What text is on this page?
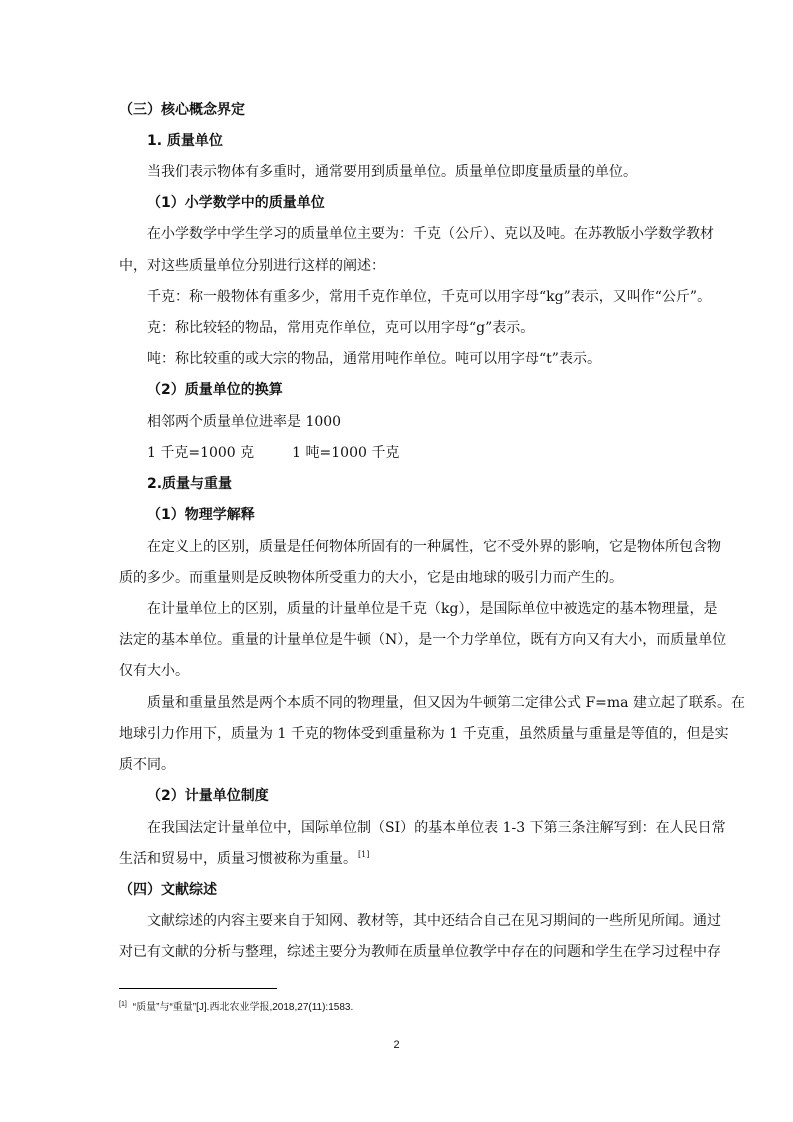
（三）核心概念界定
1. 质量单位
当我们表示物体有多重时，通常要用到质量单位。质量单位即度量质量的单位。
（1）小学数学中的质量单位
在小学数学中学生学习的质量单位主要为：千克（公斤）、克以及吨。在苏教版小学数学教材
中，对这些质量单位分别进行这样的阐述：
千克：称一般物体有重多少，常用千克作单位，千克可以用字母“kg”表示，又叫作“公斤”。
克：称比较轻的物品，常用克作单位，克可以用字母“g”表示。
吨：称比较重的或大宗的物品，通常用吨作单位。吨可以用字母“t”表示。
（2）质量单位的换算
相邻两个质量单位进率是 1000
1 千克=1000 克	1 吨=1000 千克
2.质量与重量
（1）物理学解释
在定义上的区别，质量是任何物体所固有的一种属性，它不受外界的影响，它是物体所包含物
质的多少。而重量则是反映物体所受重力的大小，它是由地球的吸引力而产生的。
在计量单位上的区别，质量的计量单位是千克（kg），是国际单位中被选定的基本物理量，是
法定的基本单位。重量的计量单位是牛顿（N），是一个力学单位，既有方向又有大小，而质量单位
仅有大小。
质量和重量虽然是两个本质不同的物理量，但又因为牛顿第二定律公式 F=ma 建立起了联系。在
地球引力作用下，质量为 1 千克的物体受到重量称为 1 千克重，虽然质量与重量是等值的，但是实
质不同。
（2）计量单位制度
在我国法定计量单位中，国际单位制（SI）的基本单位表 1-3 下第三条注解写到：在人民日常
生活和贸易中，质量习惯被称为重量。[1]
（四）文献综述
文献综述的内容主要来自于知网、教材等，其中还结合自己在见习期间的一些所见所闻。通过
对已有文献的分析与整理，综述主要分为教师在质量单位教学中存在的问题和学生在学习过程中存
[1] “质量”与“重量”[J].西北农业学报,2018,27(11):1583.
2
